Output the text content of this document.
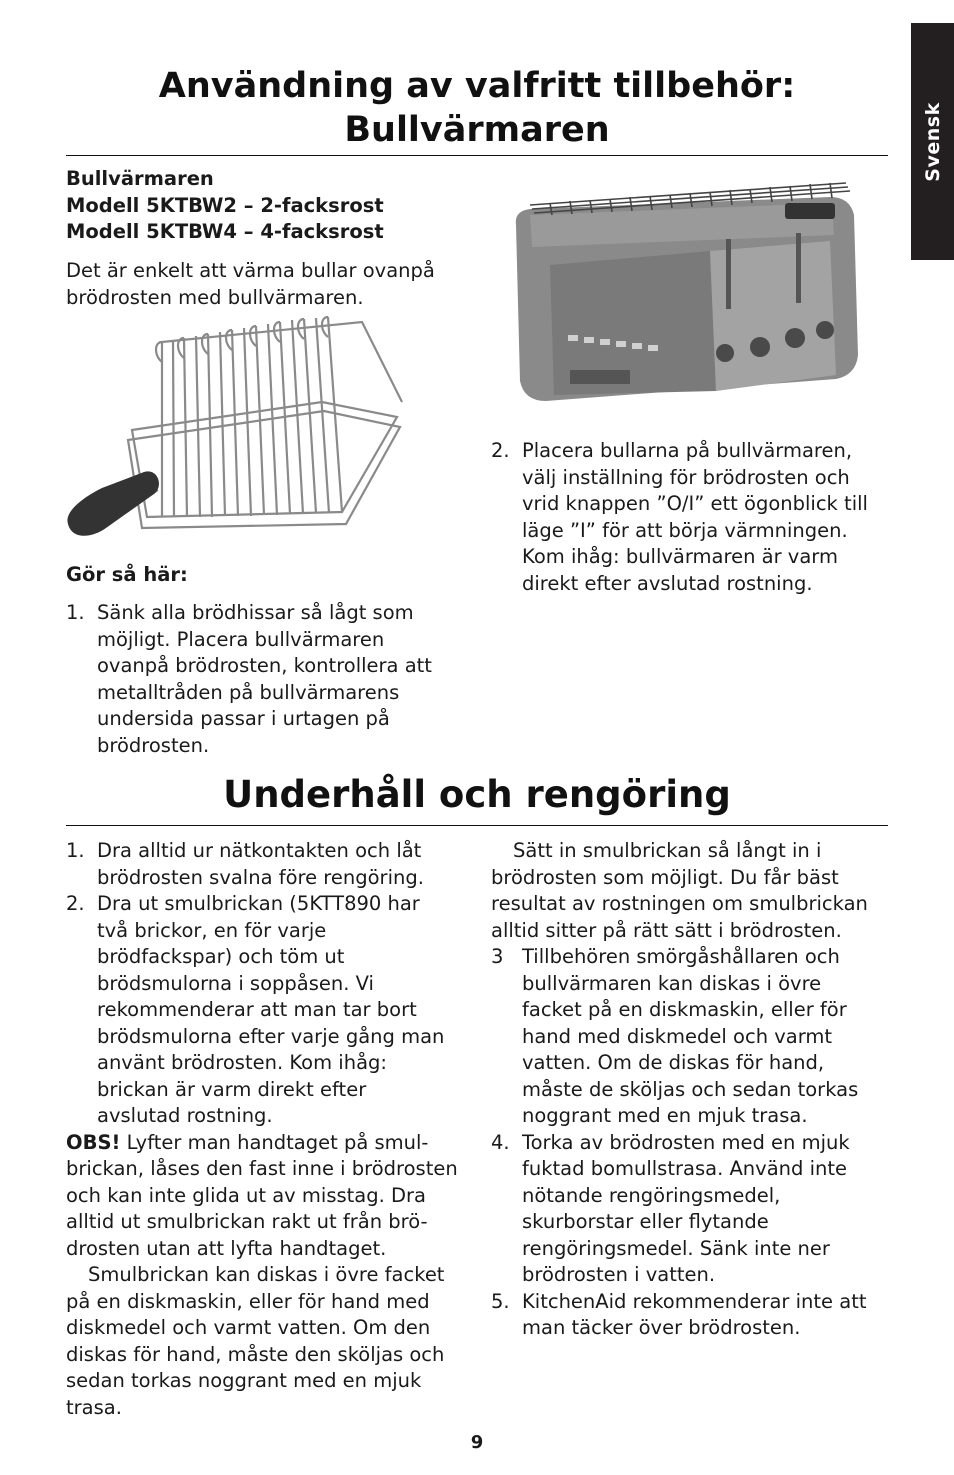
Svensk
Användning av valfritt tillbehör:
Bullvärmaren

Bullvärmaren

Modell 5KTBW2 – 2-facksrost

Modell 5KTBW4 – 4-facksrost

Det är enkelt att värma bullar ovanpå

brödrosten med bullvärmaren.

Gör så här:

1. Sänk alla brödhissar så lågt som

möjligt. Placera bullvärmaren

ovanpå brödrosten, kontrollera att

metalltråden på bullvärmarens

undersida passar i urtagen på

brödrosten.

2. Placera bullarna på bullvärmaren,

välj inställning för brödrosten och

vrid knappen ”O/I” ett ögonblick till

läge ”I” för att börja värmningen.

Kom ihåg: bullvärmaren är varm

direkt efter avslutad rostning.

Underhåll och rengöring
1. Dra alltid ur nätkontakten och låt

brödrosten svalna före rengöring.

2. Dra ut smulbrickan (5KTT890 har

två brickor, en för varje

brödfackspar) och töm ut

brödsmulorna i soppåsen. Vi

rekommenderar att man tar bort

brödsmulorna efter varje gång man

använt brödrosten. Kom ihåg:

brickan är varm direkt efter

avslutad rostning.

OBS! Lyfter man handtaget på smul-

brickan, låses den fast inne i brödrosten

och kan inte glida ut av misstag. Dra

alltid ut smulbrickan rakt ut från brö-

drosten utan att lyfta handtaget.

Smulbrickan kan diskas i övre facket

på en diskmaskin, eller för hand med

diskmedel och varmt vatten. Om den

diskas för hand, måste den sköljas och

sedan torkas noggrant med en mjuk

trasa.

Sätt in smulbrickan så långt in i

brödrosten som möjligt. Du får bäst

resultat av rostningen om smulbrickan

alltid sitter på rätt sätt i brödrosten.

3 Tillbehören smörgåshållaren och

bullvärmaren kan diskas i övre

facket på en diskmaskin, eller för

hand med diskmedel och varmt

vatten. Om de diskas för hand,

måste de sköljas och sedan torkas

noggrant med en mjuk trasa.

4. Torka av brödrosten med en mjuk

fuktad bomullstrasa. Använd inte

nötande rengöringsmedel,

skurborstar eller flytande

rengöringsmedel. Sänk inte ner

brödrosten i vatten.

5. KitchenAid rekommenderar inte att

man täcker över brödrosten.

9
